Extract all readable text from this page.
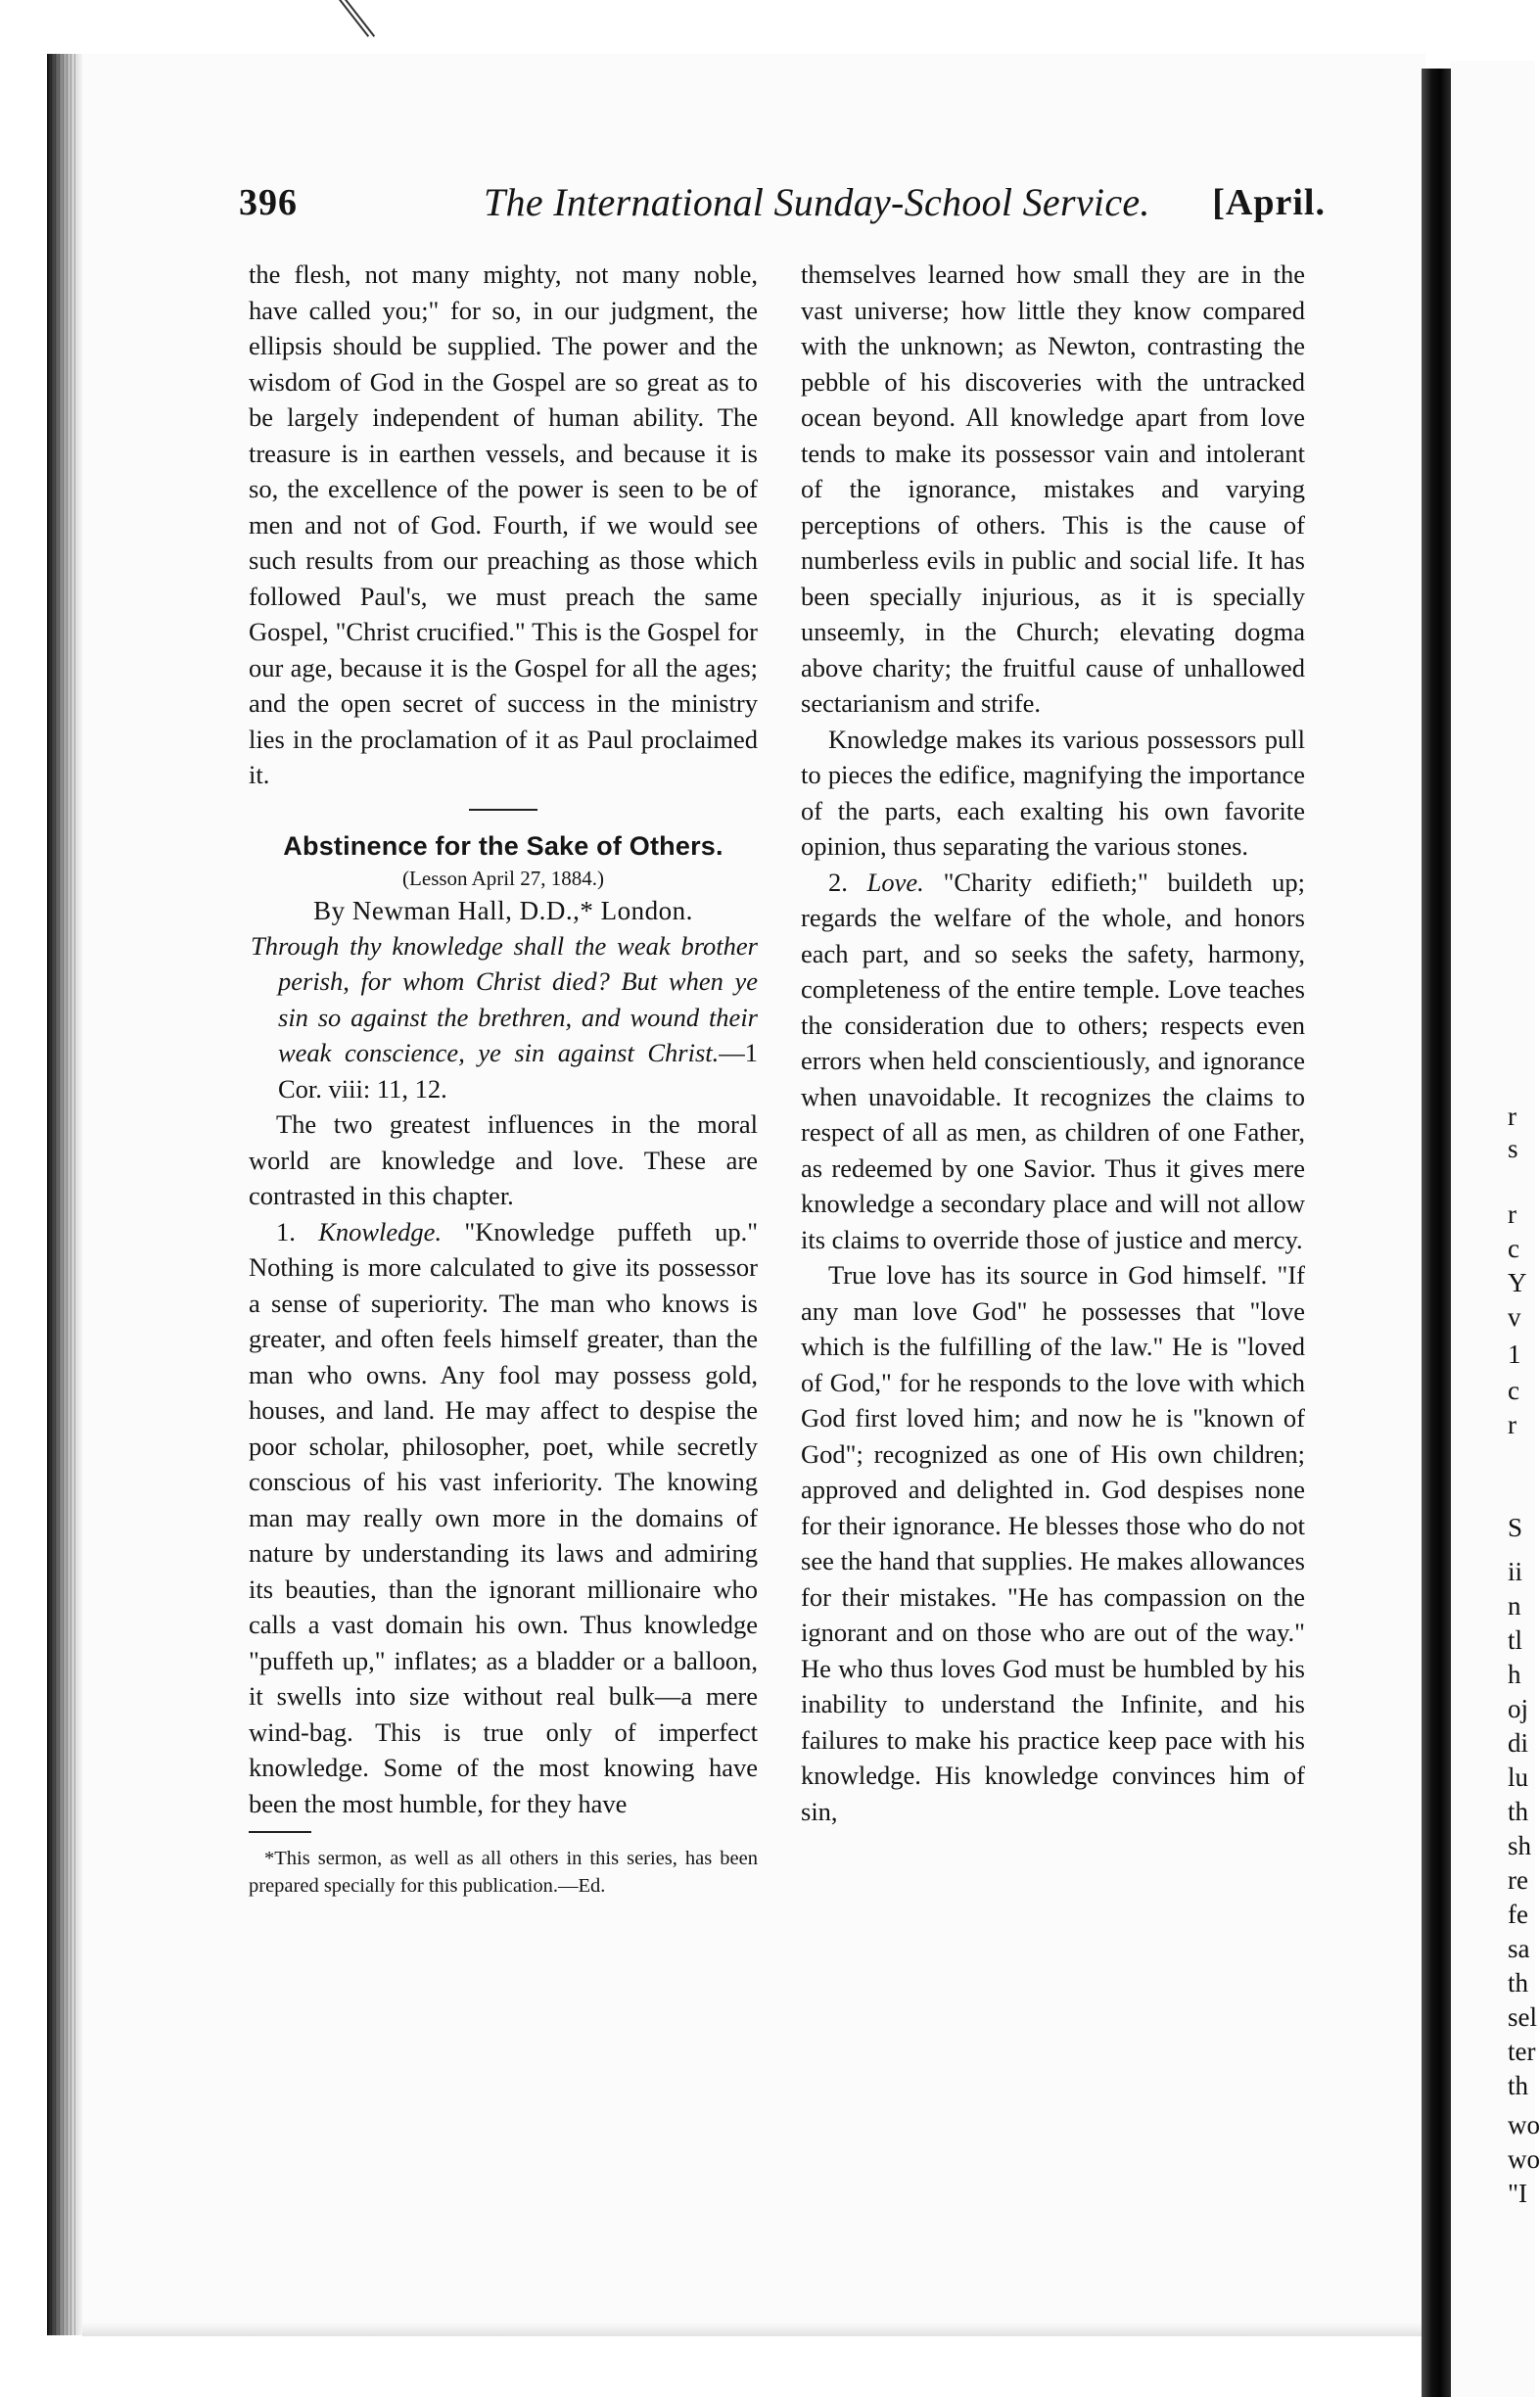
396	The International Sunday-School Service. [April.

the flesh, not many mighty, not many noble, have called you;" for so, in our judgment, the ellipsis should be supplied. The power and the wisdom of God in the Gospel are so great as to be largely independent of human ability. The treasure is in earthen vessels, and because it is so, the excellence of the power is seen to be of men and not of God. Fourth, if we would see such results from our preaching as those which followed Paul's, we must preach the same Gospel, "Christ crucified." This is the Gospel for our age, because it is the Gospel for all the ages; and the open secret of success in the ministry lies in the proclamation of it as Paul proclaimed it.

Abstinence for the Sake of Others.
(Lesson April 27, 1884.)
By Newman Hall, D.D.,* London.

Through thy knowledge shall the weak brother perish, for whom Christ died? But when ye sin so against the brethren, and wound their weak conscience, ye sin against Christ.—1 Cor. viii: 11, 12.

The two greatest influences in the moral world are knowledge and love. These are contrasted in this chapter.

1. Knowledge. "Knowledge puffeth up." Nothing is more calculated to give its possessor a sense of superiority. The man who knows is greater, and often feels himself greater, than the man who owns. Any fool may possess gold, houses, and land. He may affect to despise the poor scholar, philosopher, poet, while secretly conscious of his vast inferiority. The knowing man may really own more in the domains of nature by understanding its laws and admiring its beauties, than the ignorant millionaire who calls a vast domain his own. Thus knowledge "puffeth up," inflates; as a bladder or a balloon, it swells into size without real bulk—a mere wind-bag. This is true only of imperfect knowledge. Some of the most knowing have been the most humble, for they have

*This sermon, as well as all others in this series, has been prepared specially for this publication.—Ed.

themselves learned how small they are in the vast universe; how little they know compared with the unknown; as Newton, contrasting the pebble of his discoveries with the untracked ocean beyond. All knowledge apart from love tends to make its possessor vain and intolerant of the ignorance, mistakes and varying perceptions of others. This is the cause of numberless evils in public and social life. It has been specially injurious, as it is specially unseemly, in the Church; elevating dogma above charity; the fruitful cause of unhallowed sectarianism and strife.

Knowledge makes its various possessors pull to pieces the edifice, magnifying the importance of the parts, each exalting his own favorite opinion, thus separating the various stones.

2. Love. "Charity edifieth;" buildeth up; regards the welfare of the whole, and honors each part, and so seeks the safety, harmony, completeness of the entire temple. Love teaches the consideration due to others; respects even errors when held conscientiously, and ignorance when unavoidable. It recognizes the claims to respect of all as men, as children of one Father, as redeemed by one Savior. Thus it gives mere knowledge a secondary place and will not allow its claims to override those of justice and mercy.

True love has its source in God himself. "If any man love God" he possesses that "love which is the fulfilling of the law." He is "loved of God," for he responds to the love with which God first loved him; and now he is "known of God"; recognized as one of His own children; approved and delighted in. God despises none for their ignorance. He blesses those who do not see the hand that supplies. He makes allowances for their mistakes. "He has compassion on the ignorant and on those who are out of the way." He who thus loves God must be humbled by his inability to understand the Infinite, and his failures to make his practice keep pace with his knowledge. His knowledge convinces him of sin,

r
s
r
c
Y
v
1
c
r
S
ii
n
tl
h
oj
di
lu
th
sh
re
fe
sa
th
sel
ter
th
wo
wo
"I
